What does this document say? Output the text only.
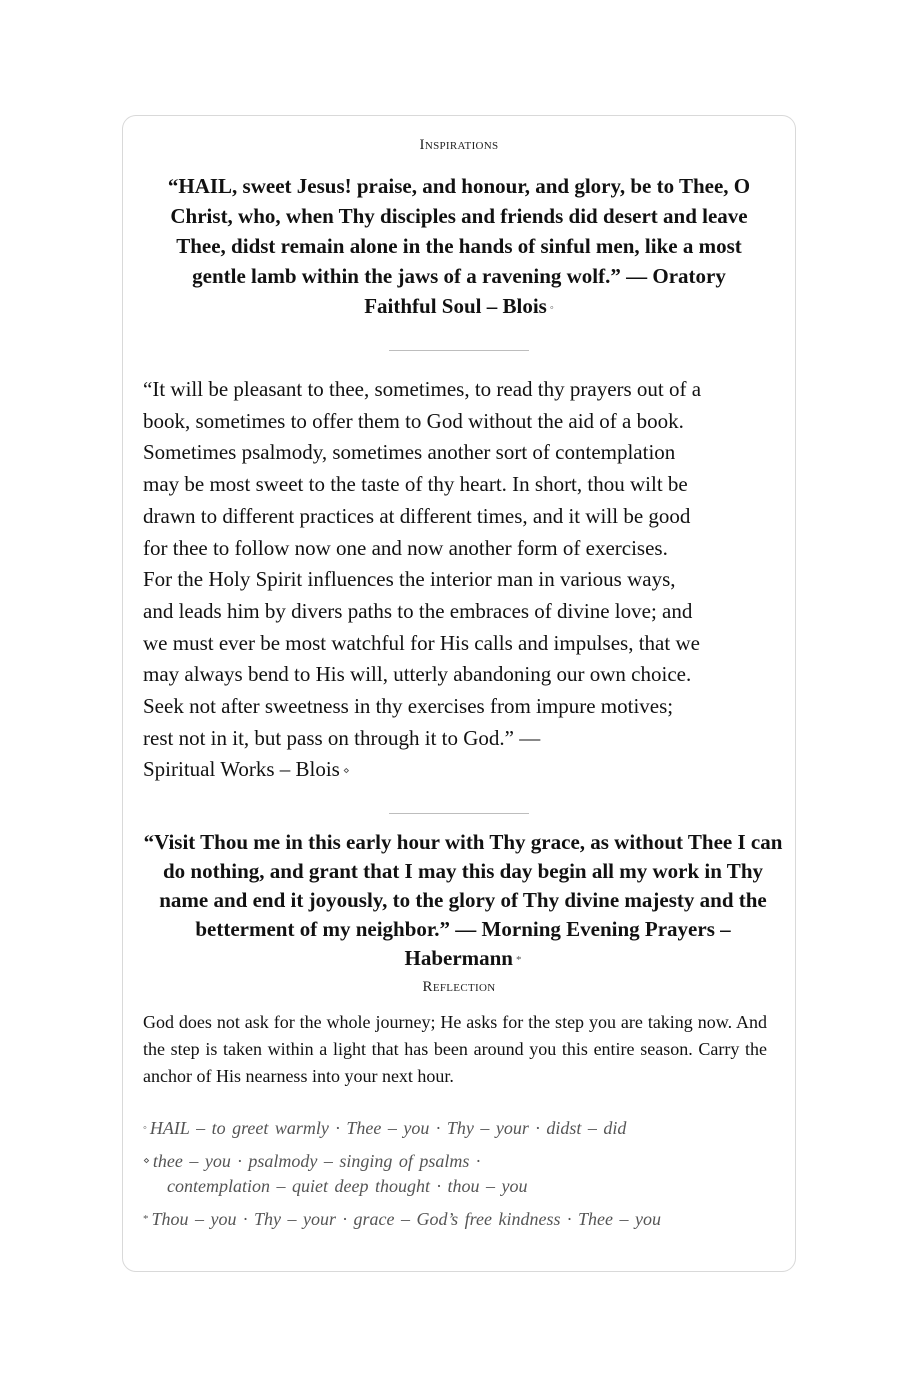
Inspirations
“HAIL, sweet Jesus! praise, and honour, and glory, be to Thee, O Christ, who, when Thy disciples and friends did desert and leave Thee, didst remain alone in the hands of sinful men, like a most gentle lamb within the jaws of a ravening wolf.” — Oratory Faithful Soul – Blois ◦
“It will be pleasant to thee, sometimes, to read thy prayers out of a
book, sometimes to offer them to God without the aid of a book.
Sometimes psalmody, sometimes another sort of contemplation
may be most sweet to the taste of thy heart. In short, thou wilt be
drawn to different practices at different times, and it will be good
for thee to follow now one and now another form of exercises.
For the Holy Spirit influences the interior man in various ways,
and leads him by divers paths to the embraces of divine love; and
we must ever be most watchful for His calls and impulses, that we
may always bend to His will, utterly abandoning our own choice.
Seek not after sweetness in thy exercises from impure motives;
rest not in it, but pass on through it to God.” —
Spiritual Works – Blois ⋄
“Visit Thou me in this early hour with Thy grace, as without Thee I can do nothing, and grant that I may this day begin all my work in Thy name and end it joyously, to the glory of Thy divine majesty and the betterment of my neighbor.” — Morning Evening Prayers – Habermann *
Reflection
God does not ask for the whole journey; He asks for the step you are taking now. And the step is taken within a light that has been around you this entire season. Carry the anchor of His nearness into your next hour.
◦ HAIL – to greet warmly · Thee – you · Thy – your · didst – did
⋄ thee – you · psalmody – singing of psalms ·
contemplation – quiet deep thought · thou – you
* Thou – you · Thy – your · grace – God’s free kindness · Thee – you
